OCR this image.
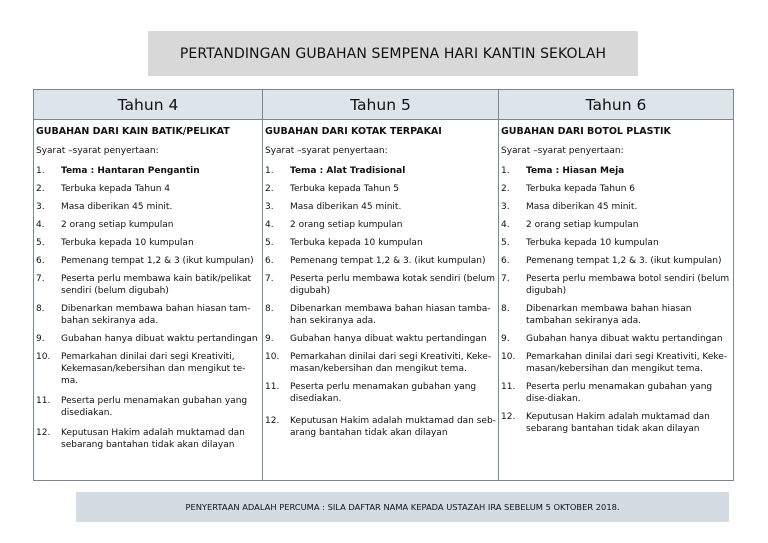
PERTANDINGAN GUBAHAN SEMPENA HARI KANTIN SEKOLAH
Tahun 4
GUBAHAN DARI KAIN BATIK/PELIKAT
Syarat –syarat penyertaan:
1.	Tema : Hantaran Pengantin
2.	Terbuka kepada Tahun 4
3.	Masa diberikan 45 minit.
4.	2 orang setiap kumpulan
5.	Terbuka kepada 10 kumpulan
6.	Pemenang tempat 1,2 & 3 (ikut kumpulan)
7.	Peserta perlu membawa kain batik/pelikat sendiri (belum digubah)
8.	Dibenarkan membawa bahan hiasan tam-bahan sekiranya ada.
9.	Gubahan hanya dibuat waktu pertandingan
10.	Pemarkahan dinilai dari segi Kreativiti, Kekemasan/kebersihan dan mengikut te-ma.
11.	Peserta perlu menamakan gubahan yang disediakan.
12.	Keputusan Hakim adalah muktamad dan sebarang bantahan tidak akan dilayan
Tahun 5
GUBAHAN DARI KOTAK TERPAKAI
Syarat –syarat penyertaan:
1.	Tema : Alat Tradisional
2.	Terbuka kepada Tahun 5
3.	Masa diberikan 45 minit.
4.	2 orang setiap kumpulan
5.	Terbuka kepada 10 kumpulan
6.	Pemenang tempat 1,2 & 3. (ikut kumpulan)
7.	Peserta perlu membawa kotak sendiri (belum digubah)
8.	Dibenarkan membawa bahan hiasan tamba-han sekiranya ada.
9.	Gubahan hanya dibuat waktu pertandingan
10.	Pemarkahan dinilai dari segi Kreativiti, Keke-masan/kebersihan dan mengikut tema.
11.	Peserta perlu menamakan gubahan yang disediakan.
12.	Keputusan Hakim adalah muktamad dan seb-arang bantahan tidak akan dilayan
Tahun 6
GUBAHAN DARI BOTOL PLASTIK
Syarat –syarat penyertaan:
1.	Tema : Hiasan Meja
2.	Terbuka kepada Tahun 6
3.	Masa diberikan 45 minit.
4.	2 orang setiap kumpulan
5.	Terbuka kepada 10 kumpulan
6.	Pemenang tempat 1,2 & 3. (ikut kumpulan)
7.	Peserta perlu membawa botol sendiri (belum digubah)
8.	Dibenarkan membawa bahan hiasan tambahan sekiranya ada.
9.	Gubahan hanya dibuat waktu pertandingan
10.	Pemarkahan dinilai dari segi Kreativiti, Keke-masan/kebersihan dan mengikut tema.
11.	Peserta perlu menamakan gubahan yang dise-diakan.
12.	Keputusan Hakim adalah muktamad dan sebarang bantahan tidak akan dilayan
PENYERTAAN ADALAH PERCUMA : SILA DAFTAR NAMA KEPADA USTAZAH IRA SEBELUM 5 OKTOBER 2018.
